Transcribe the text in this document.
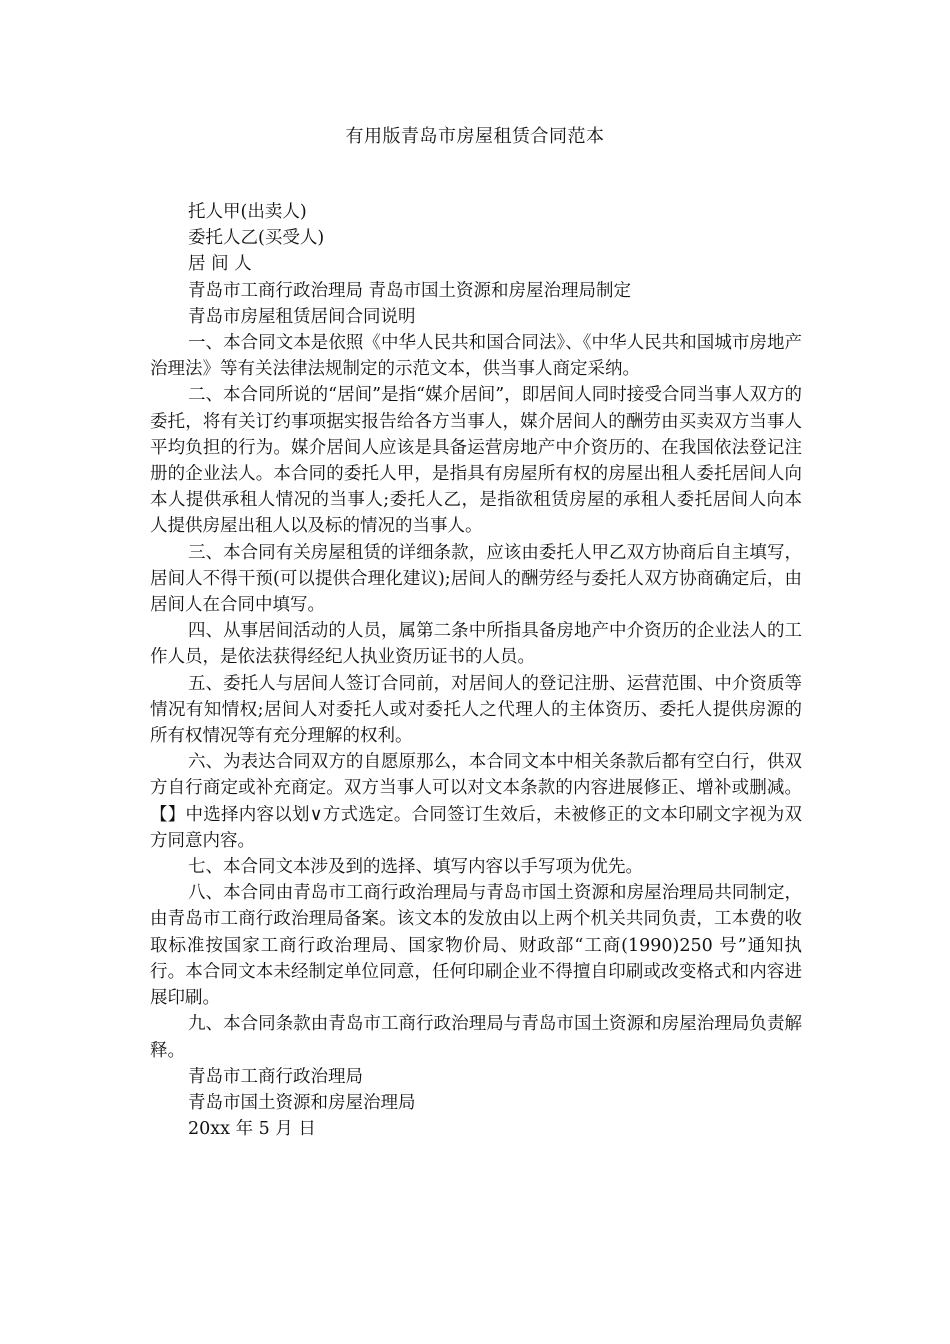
有用版青岛市房屋租赁合同范本

托人甲(出卖人)

委托人乙(买受人)

居 间 人

青岛市工商行政治理局 青岛市国土资源和房屋治理局制定

青岛市房屋租赁居间合同说明

一、本合同文本是依照《中华人民共和国合同法》、《中华人民共和国城市房地产治理法》等有关法律法规制定的示范文本，供当事人商定采纳。

二、本合同所说的“居间”是指“媒介居间”，即居间人同时接受合同当事人双方的委托，将有关订约事项据实报告给各方当事人，媒介居间人的酬劳由买卖双方当事人平均负担的行为。媒介居间人应该是具备运营房地产中介资历的、在我国依法登记注册的企业法人。本合同的委托人甲，是指具有房屋所有权的房屋出租人委托居间人向本人提供承租人情况的当事人;委托人乙，是指欲租赁房屋的承租人委托居间人向本人提供房屋出租人以及标的情况的当事人。

三、本合同有关房屋租赁的详细条款，应该由委托人甲乙双方协商后自主填写，居间人不得干预(可以提供合理化建议);居间人的酬劳经与委托人双方协商确定后，由居间人在合同中填写。

四、从事居间活动的人员，属第二条中所指具备房地产中介资历的企业法人的工作人员，是依法获得经纪人执业资历证书的人员。

五、委托人与居间人签订合同前，对居间人的登记注册、运营范围、中介资质等情况有知情权;居间人对委托人或对委托人之代理人的主体资历、委托人提供房源的所有权情况等有充分理解的权利。

六、为表达合同双方的自愿原那么，本合同文本中相关条款后都有空白行，供双方自行商定或补充商定。双方当事人可以对文本条款的内容进展修正、增补或删减。【】中选择内容以划∨方式选定。合同签订生效后，未被修正的文本印刷文字视为双方同意内容。

七、本合同文本涉及到的选择、填写内容以手写项为优先。

八、本合同由青岛市工商行政治理局与青岛市国土资源和房屋治理局共同制定，由青岛市工商行政治理局备案。该文本的发放由以上两个机关共同负责，工本费的收取标准按国家工商行政治理局、国家物价局、财政部“工商(1990)250 号”通知执行。本合同文本未经制定单位同意，任何印刷企业不得擅自印刷或改变格式和内容进展印刷。

九、本合同条款由青岛市工商行政治理局与青岛市国土资源和房屋治理局负责解释。

青岛市工商行政治理局

青岛市国土资源和房屋治理局

20xx 年 5 月 日
